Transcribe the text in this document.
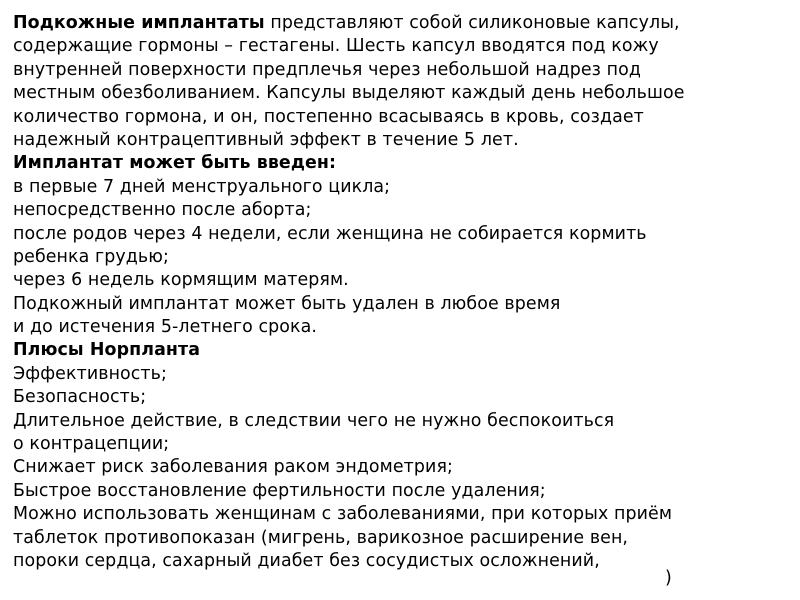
Подкожные имплантаты представляют собой силиконовые капсулы,
содержащие гормоны – гестагены. Шесть капсул вводятся под кожу
внутренней поверхности предплечья через небольшой надрез под
местным обезболиванием. Капсулы выделяют каждый день небольшое
количество гормона, и он, постепенно всасываясь в кровь, создает
надежный контрацептивный эффект в течение 5 лет.
Имплантат может быть введен:
в первые 7 дней менструального цикла;
непосредственно после аборта;
после родов через 4 недели, если женщина не собирается кормить
ребенка грудью;
через 6 недель кормящим матерям.
Подкожный имплантат может быть удален в любое время
и до истечения 5-летнего срока.
Плюсы Норпланта
Эффективность;
Безопасность;
Длительное действие, в следствии чего не нужно беспокоиться
о контрацепции;
Снижает риск заболевания раком эндометрия;
Быстрое восстановление фертильности после удаления;
Можно использовать женщинам с заболеваниями, при которых приём
таблеток противопоказан (мигрень, варикозное расширение вен,
пороки сердца, сахарный диабет без сосудистых осложнений,
)
